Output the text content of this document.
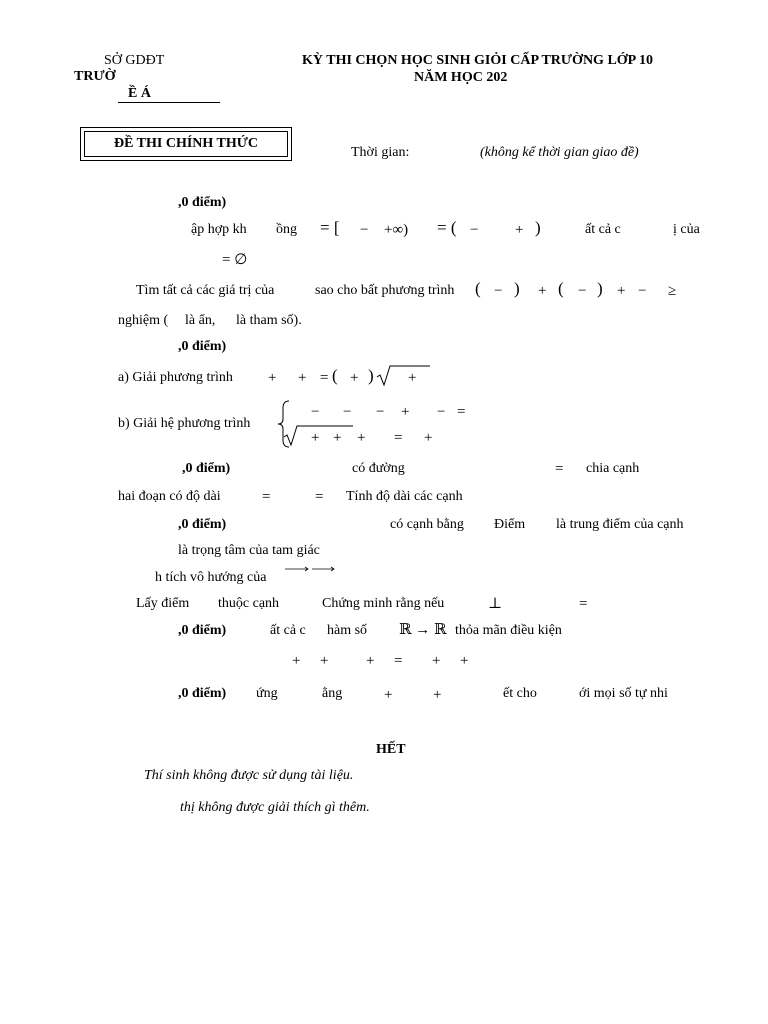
SỞ GDĐT
TRƯỜ
Ề Á
KỲ THI CHỌN HỌC SINH GIỎI CẤP TRƯỜNG LỚP 10
NĂM HỌC 202
ĐỀ THI CHÍNH THỨC
Thời gian:	(không kể thời gian giao đề)
,0 điểm)
ập hợp kh ồng = [ − +∞) = ( − + )	ất cả c	ị của
= ∅
Tìm tất cả các giá trị của	sao cho bất phương trình ( − ) + ( − ) + − ≥
nghiệm ( là ẩn, là tham số).
,0 điểm)
a) Giải phương trình + + = ( + ) +
b) Giải hệ phương trình
− − − + − =
+ + + = +
,0 điểm)	có đường	= chia cạnh
hai đoạn có độ dài	=	= Tính độ dài các cạnh
,0 điểm)	có cạnh bằng Điểm là trung điểm của cạnh
là trọng tâm của tam giác
h tích vô hướng của
Lấy điểm thuộc cạnh	Chứng minh rằng nếu	⊥	=
,0 điểm)	ất cả c hàm số ℝ → ℝ thỏa mãn điều kiện
+ +	+ = + +
,0 điểm) ứng	ằng	+	+	ết cho	ới mọi số tự nhi
HẾT
Thí sinh không được sử dụng tài liệu.
thị không được giải thích gì thêm.
